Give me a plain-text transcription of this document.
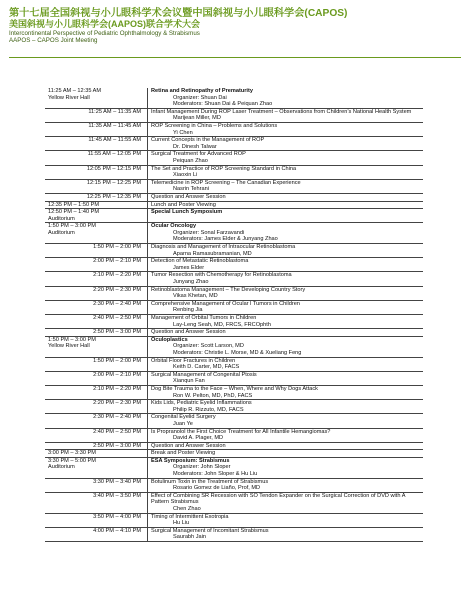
第十七届全国斜视与小儿眼科学术会议暨中国斜视与小儿眼科学会(CAPOS)
美国斜视与小儿眼科学会(AAPOS)联合学术大会
Intercontinental Perspective of Pediatric Ophthalmology & Strabismus
AAPOS – CAPOS Joint Meeting
11:25 AM – 12:35 AM
Yellow River Hall
Retina and Retinopathy of Prematurity
Organizer: Shuan Dai
Moderators: Shuan Dai & Peiquan Zhao
11:25 AM – 11:35 AM Infant Management During ROP Laser Treatment – Observations from Children’s National Health System
Marijean Miller, MD
11:35 AM – 11:45 AM ROP Screening in China – Problems and Solutions
Yi Chen
11:45 AM – 11:55 AM Current Concepts in the Management of ROP
Dr. Dinesh Talwar
11:55 AM – 12:05 PM Surgical Treatment for Advanced ROP
Peiquan Zhao
12:05 PM – 12:15 PM The Set and Practice of ROP Screening Standard in China
Xiaoxin Li
12:15 PM – 12:25 PM Telemedicine in ROP Screening – The Canadian Experience
Nasrin Tehrani
12:25 PM – 12:35 PM Question and Answer Session
12:35 PM – 1:50 PM	Lunch and Poster Viewing
12:50 PM – 1:40 PM
Auditorium
Special Lunch Symposium
1:50 PM – 3:00 PM
Auditorium
Ocular Oncology
Organizer: Sonal Farzavandi
Moderators: James Elder & Junyang Zhao
1:50 PM – 2:00 PM Diagnosis and Management of Intraocular Retinoblastoma
Aparna Ramasubramanian, MD
2:00 PM – 2:10 PM Detection of Metastatic Retinoblastoma
James Elder
2:10 PM – 2:20 PM Tumor Resection with Chemotherapy for Retinoblastoma
Junyang Zhao
2:20 PM – 2:30 PM Retinoblastoma Management – The Developing Country Story
Vikas Khetan, MD
2:30 PM – 2:40 PM Comprehensive Management of Ocular l Tumors in Children
Renbing Jia
2:40 PM – 2:50 PM Management of Orbital Tumors in Children
Lay-Leng Seah, MD, FRCS, FRCOphth
2:50 PM – 3:00 PM Question and Answer Session
1:50 PM – 3:00 PM
Yellow River Hall
Oculoplastics
Organizer: Scott Larson, MD
Moderators: Christie L. Morse, MD & Xueliang Feng
1:50 PM – 2:00 PM Orbital Floor Fractures in Children
Keith D. Carter, MD, FACS
2:00 PM – 2:10 PM Surgical Management of Congenital Ptosis
Xianqun Fan
2:10 PM – 2:20 PM Dog Bite Trauma to the Face – When, Where and Why Dogs Attack
Ron W. Pelton, MD, PhD, FACS
2:20 PM – 2:30 PM Kids Lids, Pediatric Eyelid Inflammations
Philip R. Rizzuto, MD, FACS
2:30 PM – 2:40 PM Congenital Eyelid Surgery
Juan Ye
2:40 PM – 2:50 PM Is Propranolol the First Choice Treatment for All Infantile Hemangiomas?
David A. Plager, MD
2:50 PM – 3:00 PM Question and Answer Session
3:00 PM – 3:30 PM	Break and Poster Viewing
3:30 PM – 5:00 PM
Auditorium
ESA Symposium: Strabismus
Organizer: John Sloper
Moderators: John Sloper & Hu Liu
3:30 PM – 3:40 PM Botulinum Toxin in the Treatment of Strabismus
Rosario Gomez de Liaño, Prof, MD
3:40 PM – 3:50 PM Effect of Combining SR Recession with SO Tendon Expander on the Surgical Correction of DVD with A Pattern Strabismus
Chen Zhao
3:50 PM – 4:00 PM Timing of Intermittent Exotropia
Hu Liu
4:00 PM – 4:10 PM Surgical Management of Incomitant Strabismus
Saurabh Jain
